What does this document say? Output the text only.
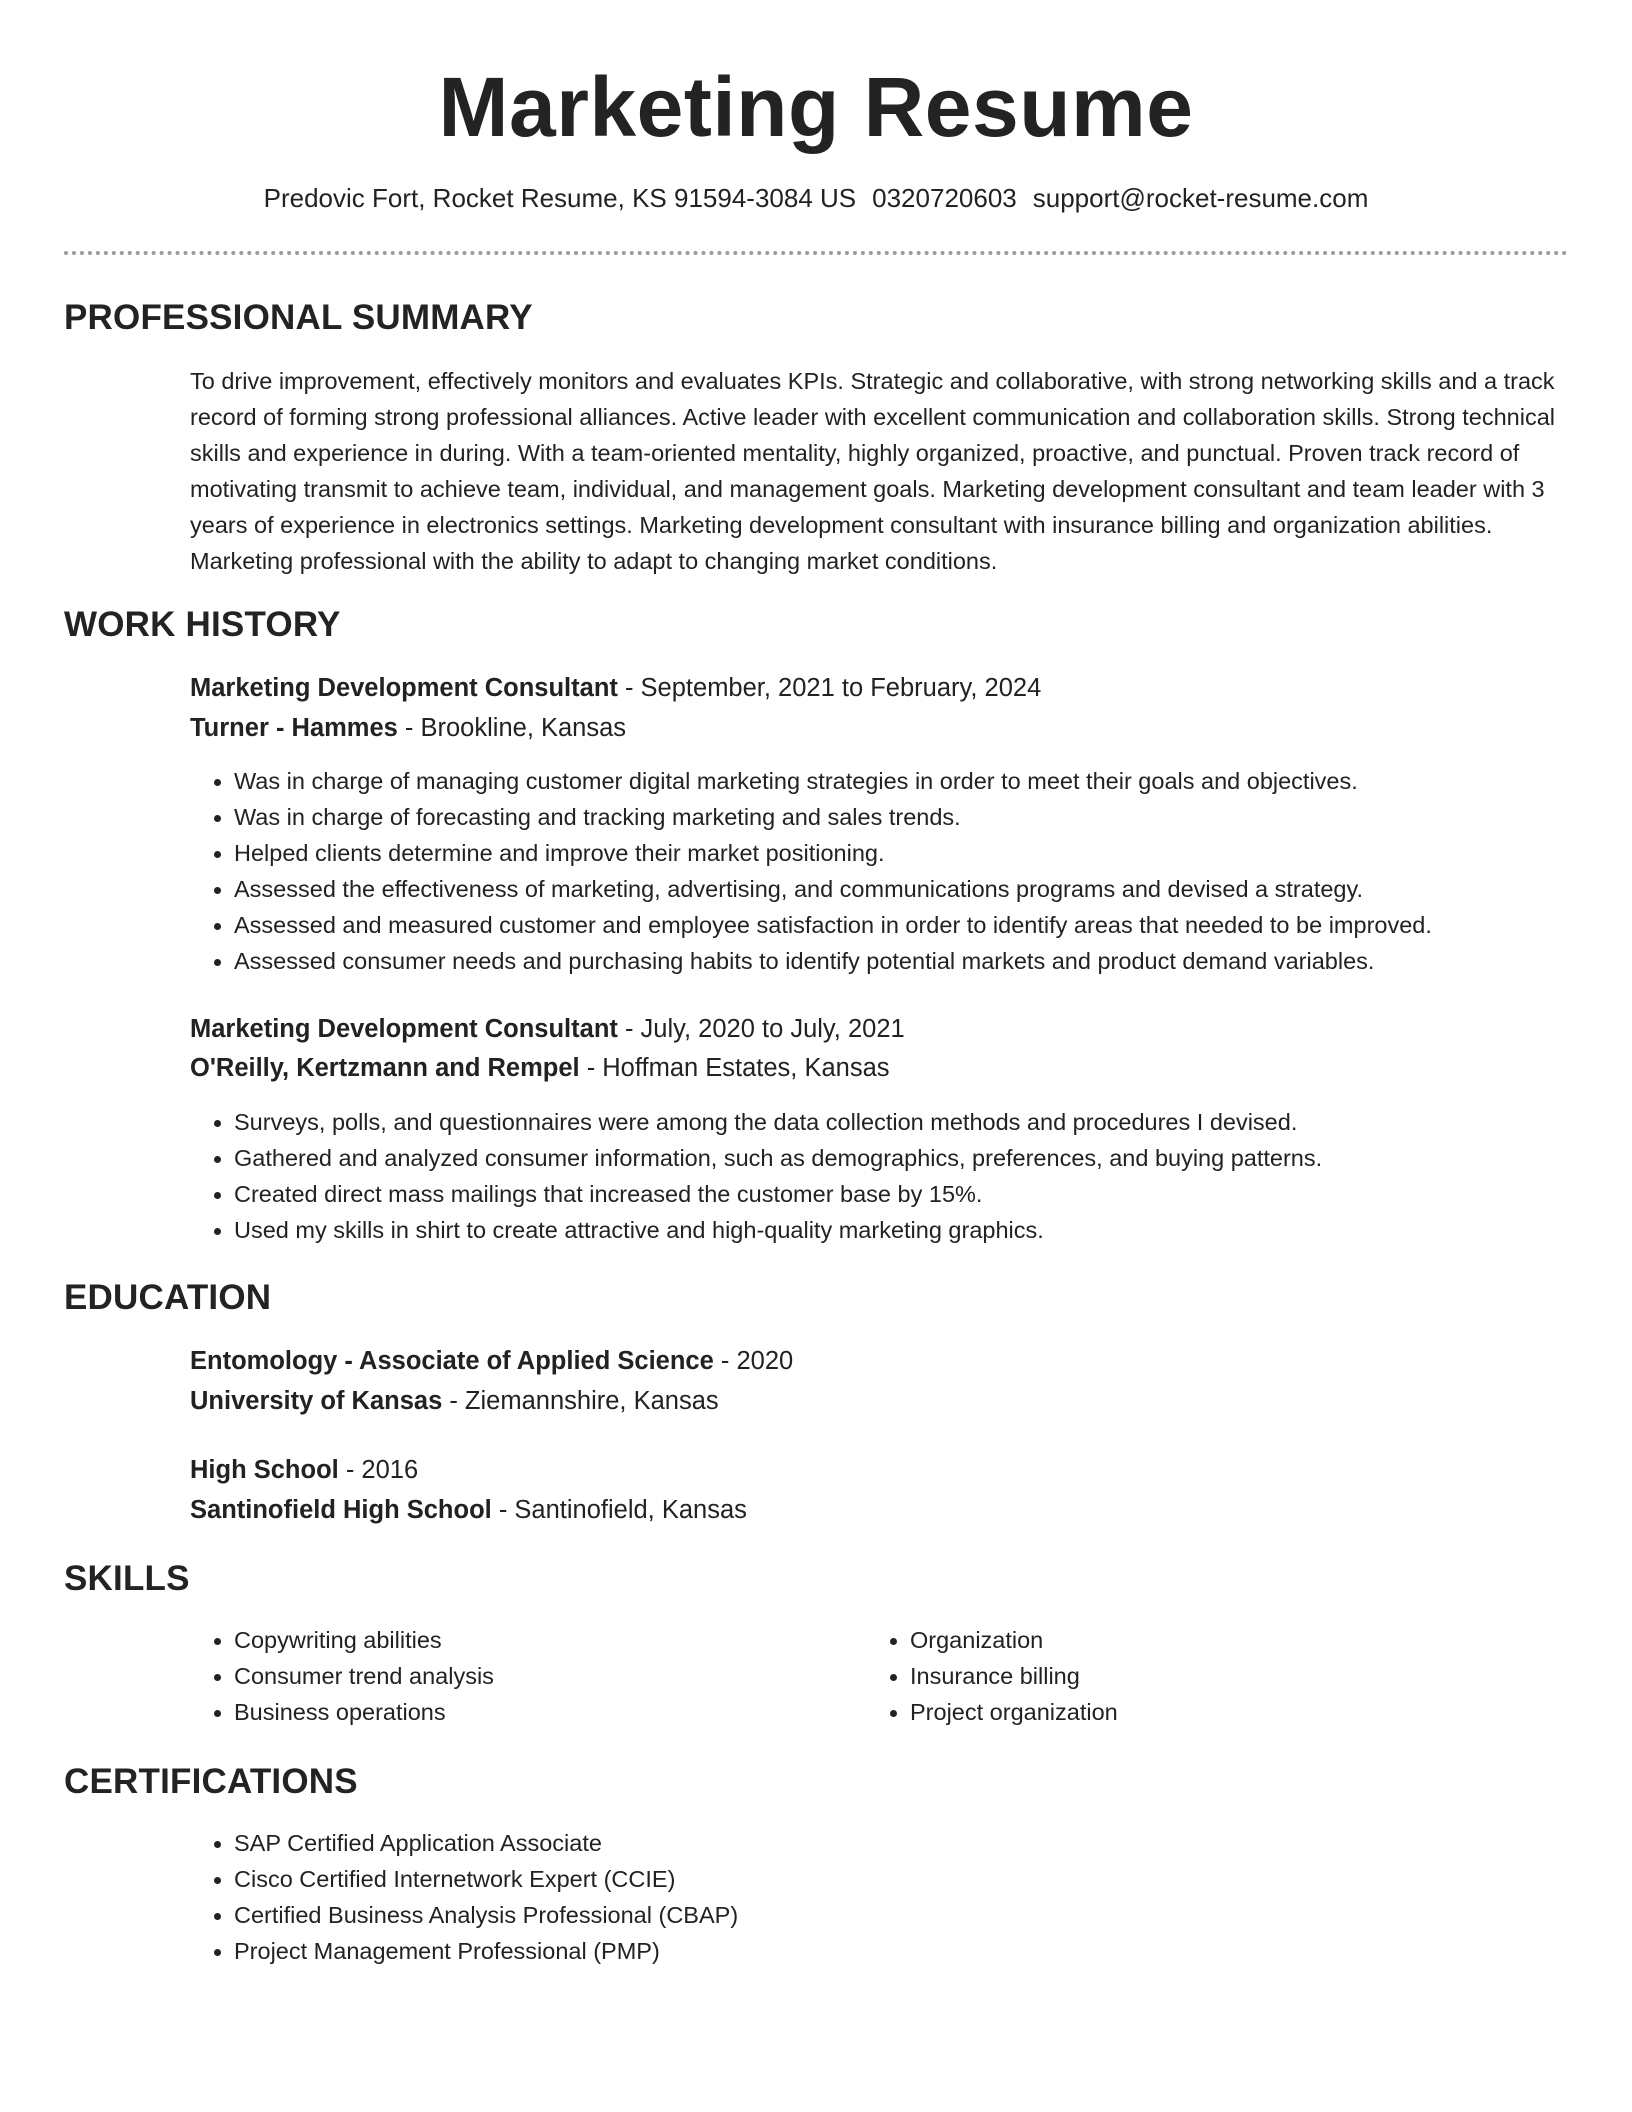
Marketing Resume
Predovic Fort, Rocket Resume, KS 91594-3084 US 0320720603 support@rocket-resume.com
PROFESSIONAL SUMMARY

To drive improvement, effectively monitors and evaluates KPIs. Strategic and collaborative, with strong networking skills and a track record of forming strong professional alliances. Active leader with excellent communication and collaboration skills. Strong technical skills and experience in during. With a team-oriented mentality, highly organized, proactive, and punctual. Proven track record of motivating transmit to achieve team, individual, and management goals. Marketing development consultant and team leader with 3 years of experience in electronics settings. Marketing development consultant with insurance billing and organization abilities. Marketing professional with the ability to adapt to changing market conditions.

WORK HISTORY
Marketing Development Consultant - September, 2021 to February, 2024
Turner - Hammes - Brookline, Kansas
• Was in charge of managing customer digital marketing strategies in order to meet their goals and objectives.
• Was in charge of forecasting and tracking marketing and sales trends.
• Helped clients determine and improve their market positioning.
• Assessed the effectiveness of marketing, advertising, and communications programs and devised a strategy.
• Assessed and measured customer and employee satisfaction in order to identify areas that needed to be improved.
• Assessed consumer needs and purchasing habits to identify potential markets and product demand variables.
Marketing Development Consultant - July, 2020 to July, 2021
O'Reilly, Kertzmann and Rempel - Hoffman Estates, Kansas
• Surveys, polls, and questionnaires were among the data collection methods and procedures I devised.
• Gathered and analyzed consumer information, such as demographics, preferences, and buying patterns.
• Created direct mass mailings that increased the customer base by 15%.
• Used my skills in shirt to create attractive and high-quality marketing graphics.
EDUCATION
Entomology - Associate of Applied Science - 2020
University of Kansas - Ziemannshire, Kansas
High School - 2016
Santinofield High School - Santinofield, Kansas
SKILLS
• Copywriting abilities
• Consumer trend analysis
• Business operations
• Organization
• Insurance billing
• Project organization
CERTIFICATIONS
• SAP Certified Application Associate
• Cisco Certified Internetwork Expert (CCIE)
• Certified Business Analysis Professional (CBAP)
• Project Management Professional (PMP)
